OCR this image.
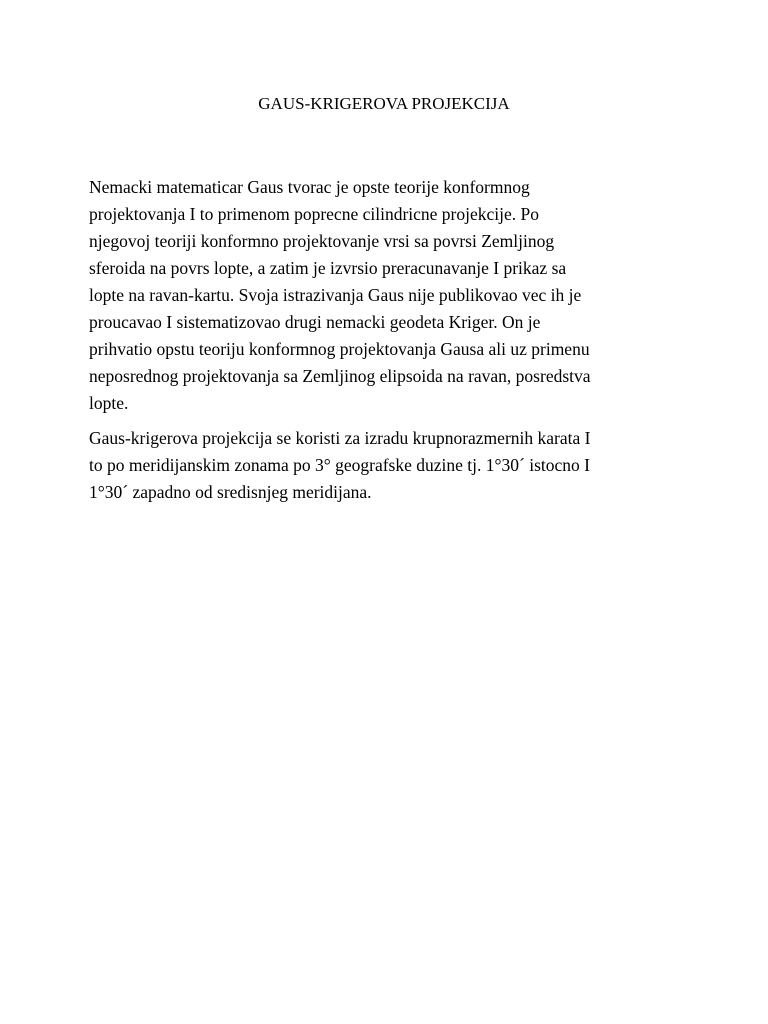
GAUS-KRIGEROVA PROJEKCIJA

Nemacki matematicar Gaus tvorac je opste teorije konformnog
projektovanja I to primenom poprecne cilindricne projekcije. Po
njegovoj teoriji konformno projektovanje vrsi sa povrsi Zemljinog
sferoida na povrs lopte, a zatim je izvrsio preracunavanje I prikaz sa
lopte na ravan-kartu. Svoja istrazivanja Gaus nije publikovao vec ih je
proucavao I sistematizovao drugi nemacki geodeta Kriger. On je
prihvatio opstu teoriju konformnog projektovanja Gausa ali uz primenu
neposrednog projektovanja sa Zemljinog elipsoida na ravan, posredstva
lopte.

Gaus-krigerova projekcija se koristi za izradu krupnorazmernih karata I
to po meridijanskim zonama po 3° geografske duzine tj. 1°30´ istocno I
1°30´ zapadno od sredisnjeg meridijana.
